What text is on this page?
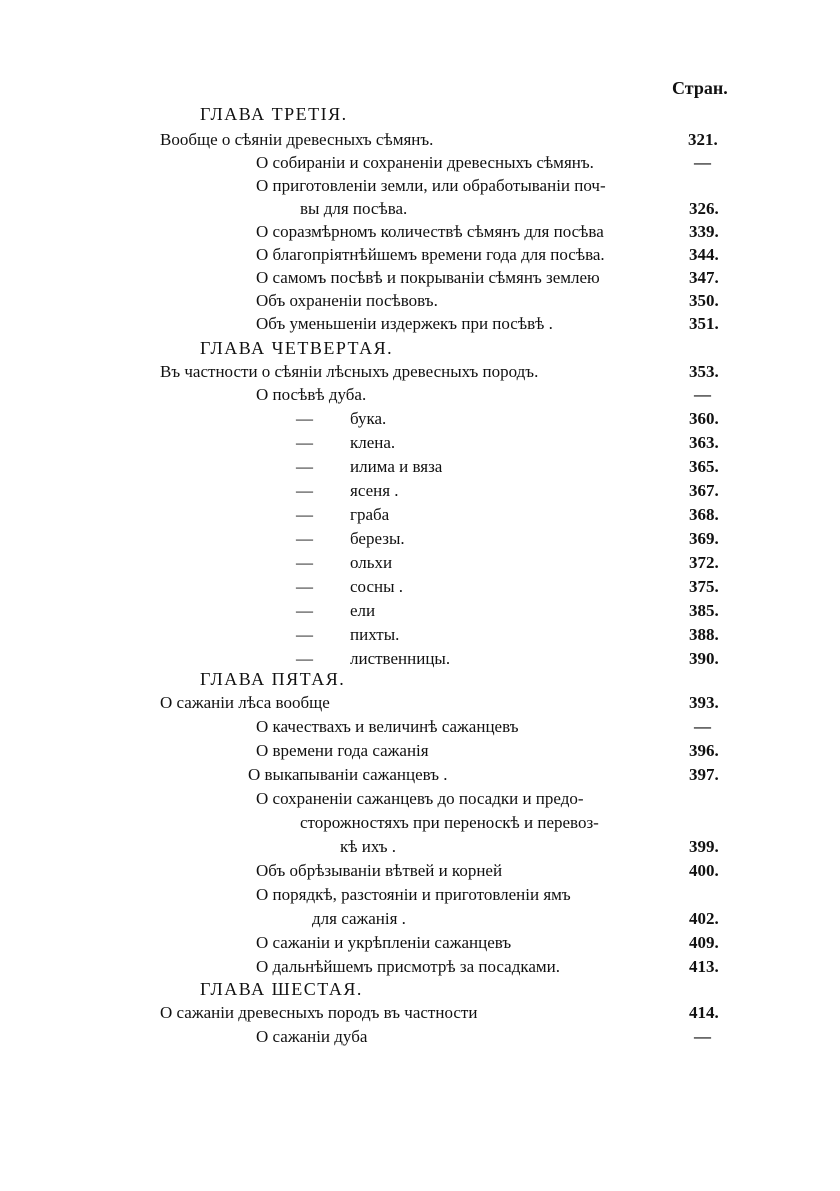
Стран.
ГЛАВА ТРЕТІЯ.
Вообще о сѣяніи древесныхъ сѣмянъ.	321.
О собираніи и сохраненіи древесныхъ сѣмянъ.	—
О приготовленіи земли, или обработываніи поч-
вы для посѣва.	326.
О соразмѣрномъ количествѣ сѣмянъ для посѣва	339.
О благопріятнѣйшемъ времени года для посѣва.	344.
О самомъ посѣвѣ и покрываніи сѣмянъ землею	347.
Объ охраненіи посѣвовъ.	350.
Объ уменьшеніи издержекъ при посѣвѣ .	351.
ГЛАВА ЧЕТВЕРТАЯ.
Въ частности о сѣяніи лѣсныхъ древесныхъ породъ.	353.
О посѣвѣ дуба.	—
— бука.	360.
— клена.	363.
— илима и вяза	365.
— ясеня .	367.
— граба	368.
— березы.	369.
— ольхи	372.
— сосны .	375.
— ели	385.
— пихты.	388.
— лиственницы.	390.
ГЛАВА ПЯТАЯ.
О сажаніи лѣса вообще	393.
О качествахъ и величинѣ сажанцевъ	—
О времени года сажанія	396.
О выкапываніи сажанцевъ .	397.
О сохраненіи сажанцевъ до посадки и предо-
сторожностяхъ при переноскѣ и перевоз-
кѣ ихъ .	399.
Объ обрѣзываніи вѣтвей и корней	400.
О порядкѣ, разстояніи и приготовленіи ямъ
для сажанія .	402.
О сажаніи и укрѣпленіи сажанцевъ	409.
О дальнѣйшемъ присмотрѣ за посадками.	413.
ГЛАВА ШЕСТАЯ.
О сажаніи древесныхъ породъ въ частности	414.
О сажаніи дуба	—
